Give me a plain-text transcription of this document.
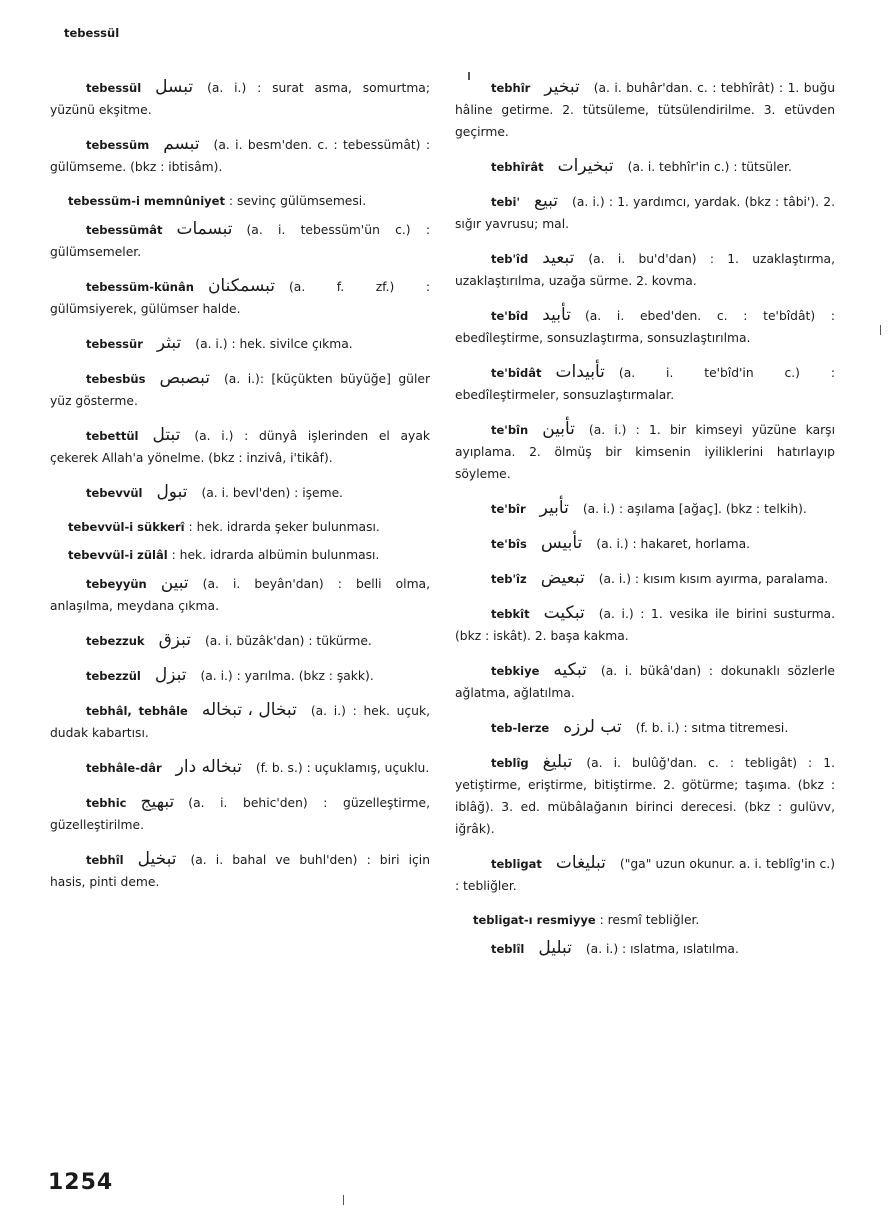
tebessül
tebessül تبسل (a. i.) : surat asma, somurtma; yüzünü ekşitme.
tebessüm تبسم (a. i. besm'den. c. : tebessümât) : gülümseme. (bkz : ibtisâm).
tebessüm-i memnûniyet : sevinç gülümsemesi.
tebessümât تبسمات (a. i. tebessüm'ün c.) : gülümsemeler.
tebessüm-künân تبسمكنان (a. f. zf.) : gülümsiyerek, gülümser halde.
tebessür تبثر (a. i.) : hek. sivilce çıkma.
tebesbüs تبصبص (a. i.): [küçükten büyüğe] güler yüz gösterme.
tebettül تبتل (a. i.) : dünyâ işlerinden el ayak çekerek Allah'a yönelme. (bkz : inzivâ, i'tikâf).
tebevvül تبول (a. i. bevl'den) : işeme.
tebevvül-i sükkerî : hek. idrarda şeker bulunması.
tebevvül-i zülâl : hek. idrarda albümin bulunması.
tebeyyün تبين (a. i. beyân'dan) : belli olma, anlaşılma, meydana çıkma.
tebezzuk تبزق (a. i. büzâk'dan) : tükürme.
tebezzül تبزل (a. i.) : yarılma. (bkz : şakk).
tebhâl, tebhâle تبخال ، تبخاله (a. i.) : hek. uçuk, dudak kabartısı.
tebhâle-dâr تبخاله دار (f. b. s.) : uçuklamış, uçuklu.
tebhic تبهيج (a. i. behic'den) : güzelleştirme, güzelleştirilme.
tebhîl تبخيل (a. i. bahal ve buhl'den) : biri için hasis, pinti deme.
tebhîr تبخير (a. i. buhâr'dan. c. : tebhîrât) : 1. buğu hâline getirme. 2. tütsüleme, tütsülendirilme. 3. etüvden geçirme.
tebhîrât تبخيرات (a. i. tebhîr'in c.) : tütsüler.
tebi' تبيع (a. i.) : 1. yardımcı, yardak. (bkz : tâbi'). 2. sığır yavrusu; mal.
teb'îd تبعيد (a. i. bu'd'dan) : 1. uzaklaştırma, uzaklaştırılma, uzağa sürme. 2. kovma.
te'bîd تأبيد (a. i. ebed'den. c. : te'bîdât) : ebedîleştirme, sonsuzlaştırma, sonsuzlaştırılma.
te'bîdât تأبيدات (a. i. te'bîd'in c.) : ebedîleştirmeler, sonsuzlaştırmalar.
te'bîn تأبين (a. i.) : 1. bir kimseyi yüzüne karşı ayıplama. 2. ölmüş bir kimsenin iyiliklerini hatırlayıp söyleme.
te'bîr تأبير (a. i.) : aşılama [ağaç]. (bkz : telkih).
te'bîs تأبيس (a. i.) : hakaret, horlama.
teb'îz تبعيض (a. i.) : kısım kısım ayırma, paralama.
tebkît تبكيت (a. i.) : 1. vesika ile birini susturma. (bkz : iskât). 2. başa kakma.
tebkiye تبكيه (a. i. bükâ'dan) : dokunaklı sözlerle ağlatma, ağlatılma.
teb-lerze تب لرزه (f. b. i.) : sıtma titremesi.
teblîg تبليغ (a. i. bulûğ'dan. c. : tebligât) : 1. yetiştirme, eriştirme, bitiştirme. 2. götürme; taşıma. (bkz : iblâğ). 3. ed. mübâlağanın birinci derecesi. (bkz : gulüvv, iğrâk).
tebligat تبليغات ("ga" uzun okunur. a. i. teblîg'in c.) : tebliğler.
tebligat-ı resmiyye : resmî tebliğler.
teblîl تبليل (a. i.) : ıslatma, ıslatılma.
1254
